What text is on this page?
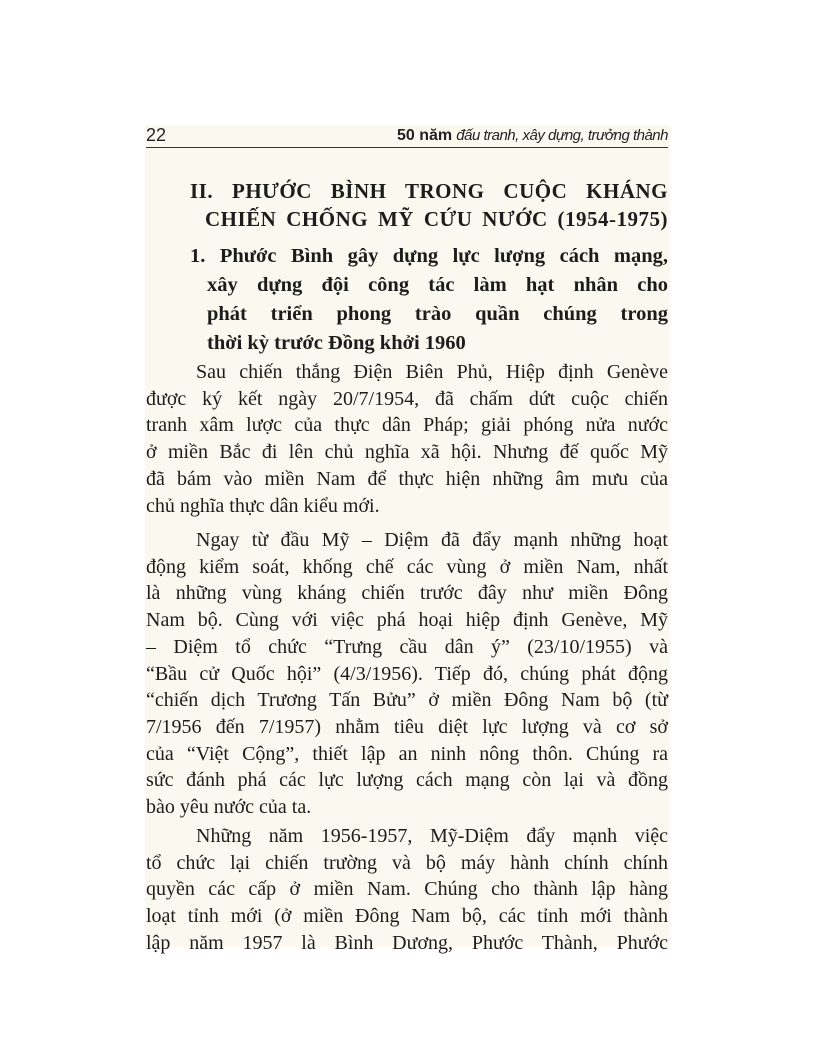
22	50 năm đấu tranh, xây dựng, trưởng thành
II. PHƯỚC BÌNH TRONG CUỘC KHÁNG
CHIẾN CHỐNG MỸ CỨU NƯỚC (1954-1975)
1. Phước Bình gây dựng lực lượng cách mạng,
xây dựng đội công tác làm hạt nhân cho
phát triển phong trào quần chúng trong
thời kỳ trước Đồng khởi 1960
Sau chiến thắng Điện Biên Phủ, Hiệp định Genève
được ký kết ngày 20/7/1954, đã chấm dứt cuộc chiến
tranh xâm lược của thực dân Pháp; giải phóng nửa nước
ở miền Bắc đi lên chủ nghĩa xã hội. Nhưng đế quốc Mỹ
đã bám vào miền Nam để thực hiện những âm mưu của
chủ nghĩa thực dân kiểu mới.
Ngay từ đầu Mỹ – Diệm đã đẩy mạnh những hoạt
động kiểm soát, khống chế các vùng ở miền Nam, nhất
là những vùng kháng chiến trước đây như miền Đông
Nam bộ. Cùng với việc phá hoại hiệp định Genève, Mỹ
– Diệm tổ chức “Trưng cầu dân ý” (23/10/1955) và
“Bầu cử Quốc hội” (4/3/1956). Tiếp đó, chúng phát động
“chiến dịch Trương Tấn Bửu” ở miền Đông Nam bộ (từ
7/1956 đến 7/1957) nhằm tiêu diệt lực lượng và cơ sở
của “Việt Cộng”, thiết lập an ninh nông thôn. Chúng ra
sức đánh phá các lực lượng cách mạng còn lại và đồng
bào yêu nước của ta.
Những năm 1956-1957, Mỹ-Diệm đẩy mạnh việc
tổ chức lại chiến trường và bộ máy hành chính chính
quyền các cấp ở miền Nam. Chúng cho thành lập hàng
loạt tỉnh mới (ở miền Đông Nam bộ, các tỉnh mới thành
lập năm 1957 là Bình Dương, Phước Thành, Phước
